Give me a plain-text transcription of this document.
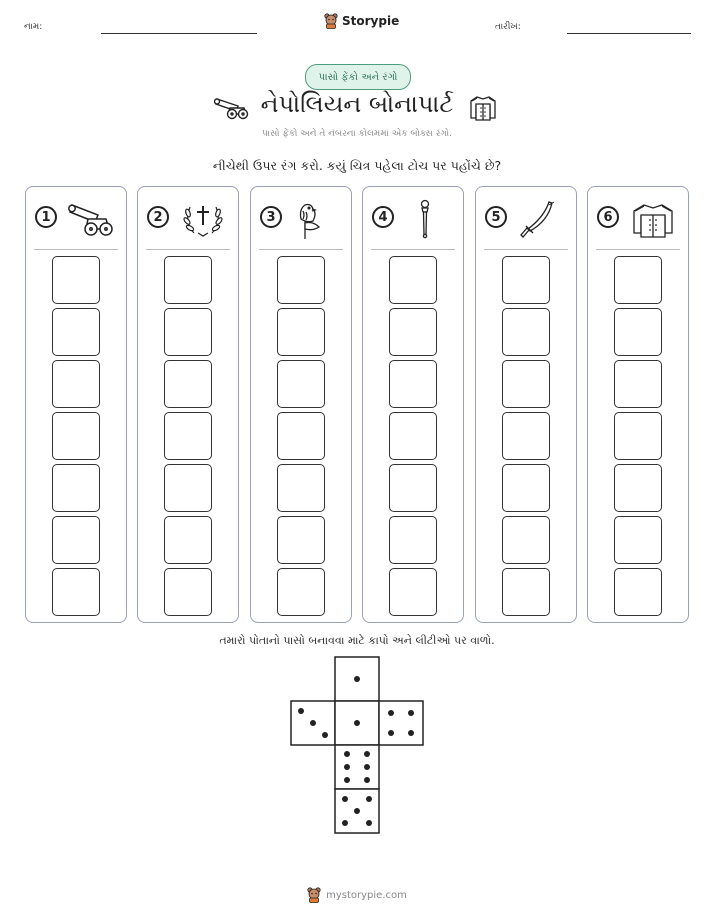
નામ:	Storypie	તારીખ:
પાસો ફેંકો અને રંગો
નેપોલિયન બોનાપાર્ટ
પાસો ફેંકો અને તે નંબરના કોલમમાં એક બોક્સ રંગો.
નીચેથી ઉપર રંગ કરો. કયું ચિત્ર પહેલા ટોચ પર પહોંચે છે?
1	2	3	4	5	6
તમારો પોતાનો પાસો બનાવવા માટે કાપો અને લીટીઓ પર વાળો.
mystorypie.com
